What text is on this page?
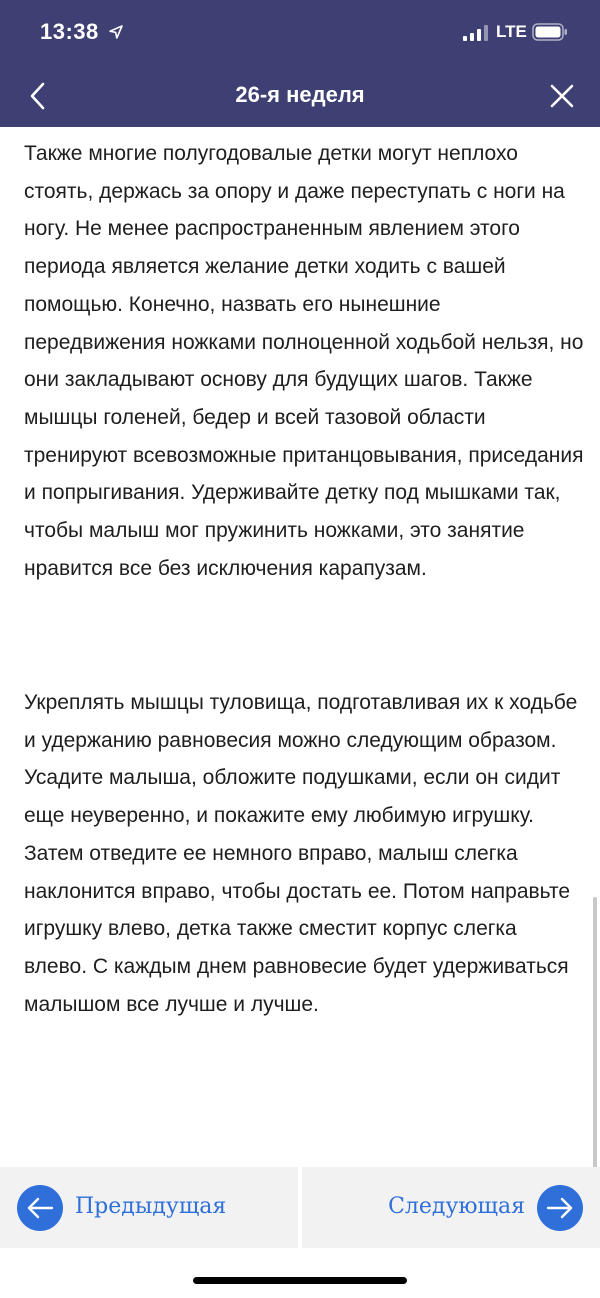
13:38	LTE
26-я неделя

Также многие полугодовалые детки могут неплохо стоять, держась за опору и даже переступать с ноги на ногу. Не менее распространенным явлением этого периода является желание детки ходить с вашей помощью. Конечно, назвать его нынешние передвижения ножками полноценной ходьбой нельзя, но они закладывают основу для будущих шагов. Также мышцы голеней, бедер и всей тазовой области тренируют всевозможные пританцовывания, приседания и попрыгивания. Удерживайте детку под мышками так, чтобы малыш мог пружинить ножками, это занятие нравится все без исключения карапузам.

Укреплять мышцы туловища, подготавливая их к ходьбе и удержанию равновесия можно следующим образом. Усадите малыша, обложите подушками, если он сидит еще неуверенно, и покажите ему любимую игрушку. Затем отведите ее немного вправо, малыш слегка наклонится вправо, чтобы достать ее. Потом направьте игрушку влево, детка также сместит корпус слегка влево. С каждым днем равновесие будет удерживаться малышом все лучше и лучше.

Предыдущая	Следующая
